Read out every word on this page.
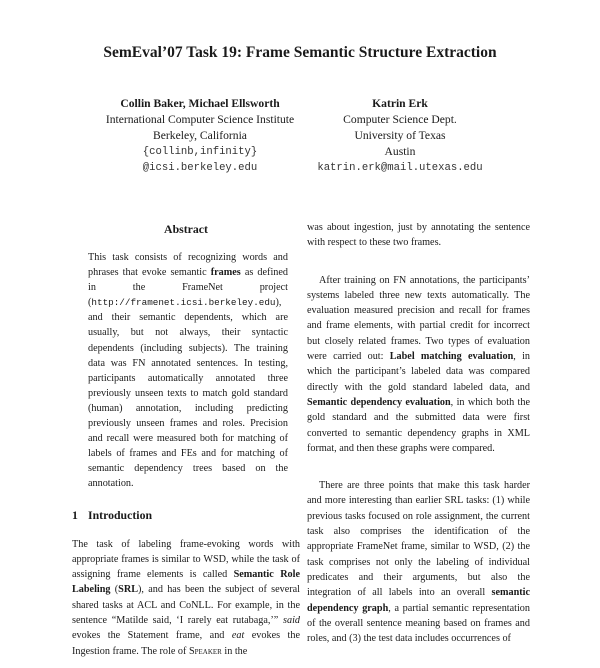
SemEval’07 Task 19: Frame Semantic Structure Extraction
Collin Baker, Michael Ellsworth
International Computer Science Institute
Berkeley, California
{collinb,infinity}
@icsi.berkeley.edu
Katrin Erk
Computer Science Dept.
University of Texas
Austin
katrin.erk@mail.utexas.edu
Abstract

This task consists of recognizing words and phrases that evoke semantic frames as defined in the FrameNet project (http://framenet.icsi.berkeley.edu), and their semantic dependents, which are usually, but not always, their syntactic dependents (including subjects). The training data was FN annotated sentences. In testing, participants automatically annotated three previously unseen texts to match gold standard (human) annotation, including predicting previously unseen frames and roles. Precision and recall were measured both for matching of labels of frames and FEs and for matching of semantic dependency trees based on the annotation.

1 Introduction

The task of labeling frame-evoking words with appropriate frames is similar to WSD, while the task of assigning frame elements is called Semantic Role Labeling (SRL), and has been the subject of several shared tasks at ACL and CoNLL. For example, in the sentence “Matilde said, ‘I rarely eat rutabaga,’” said evokes the Statement frame, and eat evokes the Ingestion frame. The role of Speaker in the

was about ingestion, just by annotating the sentence with respect to these two frames.

After training on FN annotations, the participants’ systems labeled three new texts automatically. The evaluation measured precision and recall for frames and frame elements, with partial credit for incorrect but closely related frames. Two types of evaluation were carried out: Label matching evaluation, in which the participant’s labeled data was compared directly with the gold standard labeled data, and Semantic dependency evaluation, in which both the gold standard and the submitted data were first converted to semantic dependency graphs in XML format, and then these graphs were compared.

There are three points that make this task harder and more interesting than earlier SRL tasks: (1) while previous tasks focused on role assignment, the current task also comprises the identification of the appropriate FrameNet frame, similar to WSD, (2) the task comprises not only the labeling of individual predicates and their arguments, but also the integration of all labels into an overall semantic dependency graph, a partial semantic representation of the overall sentence meaning based on frames and roles, and (3) the test data includes occurrences of
